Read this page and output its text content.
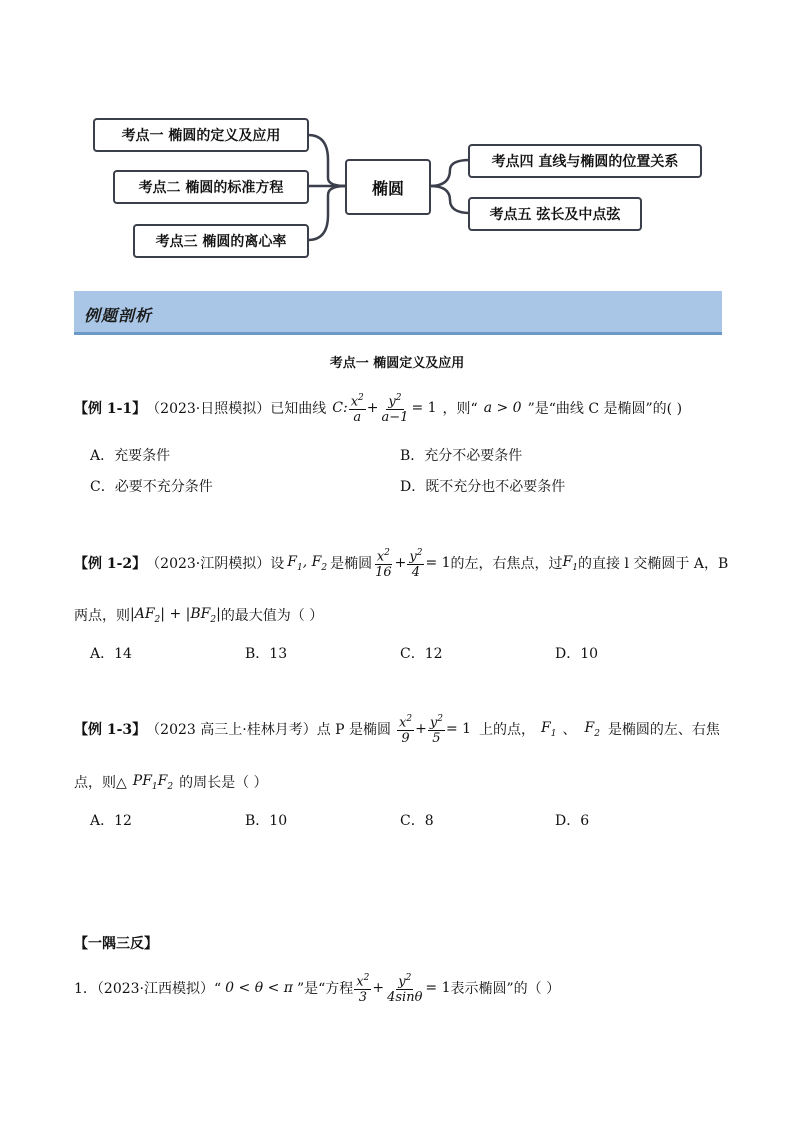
考点一 椭圆的定义及应用
考点二 椭圆的标准方程
考点三 椭圆的离心率
椭圆
考点四 直线与椭圆的位置关系
考点五 弦长及中点弦
例题剖析
考点一 椭圆定义及应用
【例 1-1】 （2023·日照模拟）已知曲线 C: $\frac{x^2}{a} + \frac{y^2}{a-1} = 1$ ，则“ a > 0 ”是“曲线 C 是椭圆”的( )
A．充要条件	B．充分不必要条件
C．必要不充分条件	D．既不充分也不必要条件
【例 1-2】 （2023·江阴模拟）设 $F_1$, $F_2$ 是椭圆 $\frac{x^2}{16} + \frac{y^2}{4} = 1$ 的左，右焦点，过 $F_1$ 的直接 l 交椭圆于 A，B
两点，则 $|AF_2| + |BF_2|$ 的最大值为（ ）
A．14	B．13	C．12	D．10
【例 1-3】 （2023 高三上·桂林月考）点 P 是椭圆 $\frac{x^2}{9} + \frac{y^2}{5} = 1$ 上的点， $F_1$ 、 $F_2$ 是椭圆的左、右焦
点，则△ $PF_1F_2$ 的周长是（ ）
A．12	B．10	C．8	D．6
【一隅三反】
1．（2023·江西模拟）“ 0 < θ < π ”是“方程 $\frac{x^2}{3} + \frac{y^2}{4\sin\theta} = 1$ 表示椭圆”的（ ）
